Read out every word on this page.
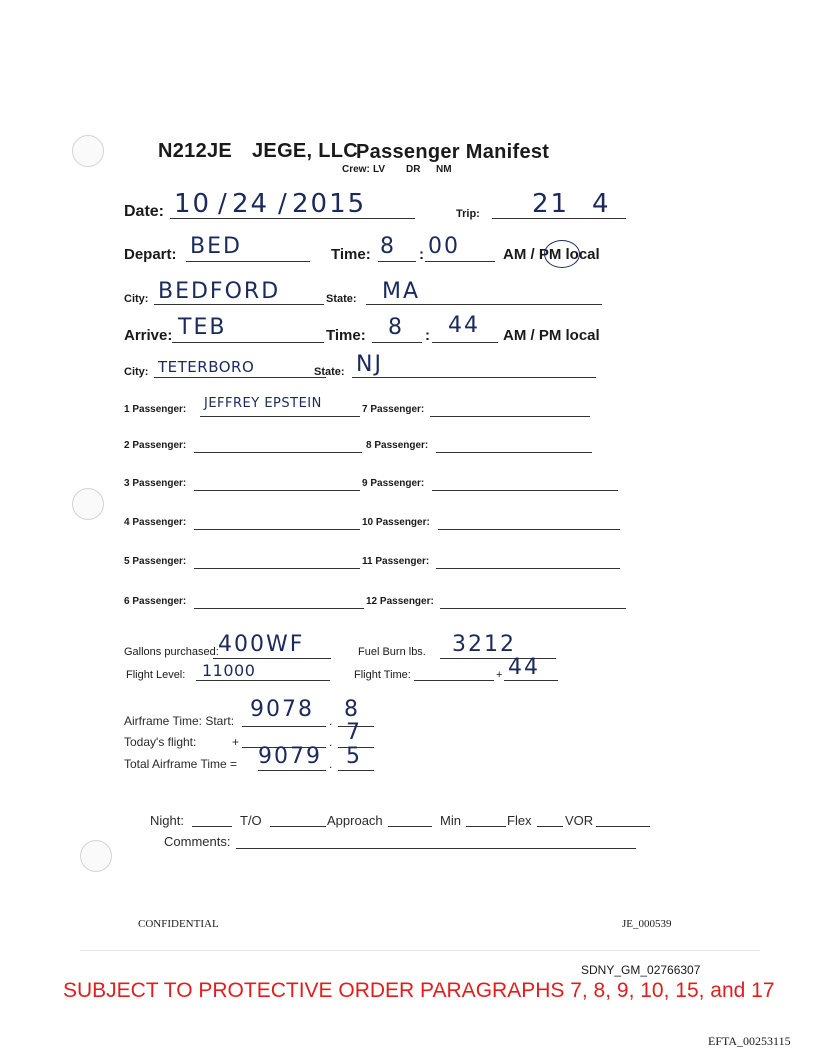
N212JE JEGE, LLC
Passenger Manifest
Crew: LV DR NM
Date: 10 / 24 / 2015	Trip: 21 4
Depart: BED	Time: 8 : 00	AM / PM local
City: BEDFORD	State: MA
Arrive: TEB	Time: 8 : 44 AM / PM local
City: TETERBORO	State: NJ
1 Passenger: JEFFREY EPSTEIN	7 Passenger:
2 Passenger:	8 Passenger:
3 Passenger:	9 Passenger:
4 Passenger:	10 Passenger:
5 Passenger:	11 Passenger:
6 Passenger:	12 Passenger:
Gallons purchased: 400WF	Fuel Burn lbs. 3212
Flight Level: 11000	Flight Time:	+ 44
Airframe Time: Start: 9078 . 8
Today's flight:	+	. 7
Total Airframe Time = 9079 . 5
Night:	T/O	Approach	Min	Flex	VOR
Comments:
CONFIDENTIAL	JE_000539
SDNY_GM_02766307
SUBJECT TO PROTECTIVE ORDER PARAGRAPHS 7, 8, 9, 10, 15, and 17
EFTA_00253115
